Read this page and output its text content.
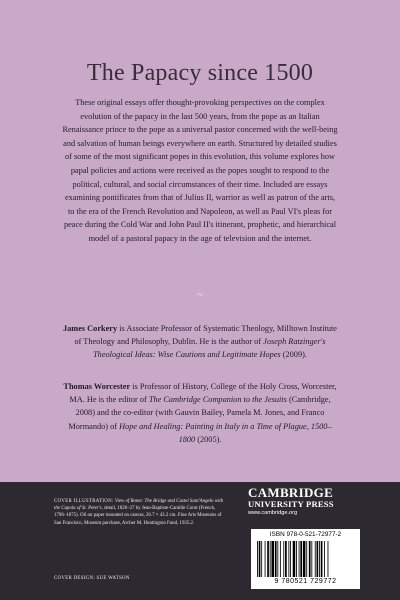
The Papacy since 1500
These original essays offer thought-provoking perspectives on the complex evolution of the papacy in the last 500 years, from the pope as an Italian Renaissance prince to the pope as a universal pastor concerned with the well-being and salvation of human beings everywhere on earth. Structured by detailed studies of some of the most significant popes in this evolution, this volume explores how papal policies and actions were received as the popes sought to respond to the political, cultural, and social circumstances of their time. Included are essays examining pontificates from that of Julius II, warrior as well as patron of the arts, to the era of the French Revolution and Napoleon, as well as Paul VI's pleas for peace during the Cold War and John Paul II's itinerant, prophetic, and hierarchical model of a pastoral papacy in the age of television and the internet.
~
James Corkery is Associate Professor of Systematic Theology, Milltown Institute of Theology and Philosophy, Dublin. He is the author of Joseph Ratzinger's Theological Ideas: Wise Cautions and Legitimate Hopes (2009).
Thomas Worcester is Professor of History, College of the Holy Cross, Worcester, MA. He is the editor of The Cambridge Companion to the Jesuits (Cambridge, 2008) and the co-editor (with Gauvin Bailey, Pamela M. Jones, and Franco Mormando) of Hope and Healing: Painting in Italy in a Time of Plague, 1500–1800 (2005).
COVER ILLUSTRATION: View of Rome: The Bridge and Castel Sant'Angelo with the Cupola of St. Peter's, detail, 1826–27 by Jean-Baptiste-Camille Corot (French, 1796–1875). Oil on paper mounted on canvas, 26.7 × 43.2 cm. Fine Arts Museums of San Francisco, Museum purchase, Archer M. Huntington Fund, 1935.2.
COVER DESIGN: SUE WATSON
CAMBRIDGE
UNIVERSITY PRESS
www.cambridge.org
ISBN 978-0-521-72977-2
9 780521 729772
